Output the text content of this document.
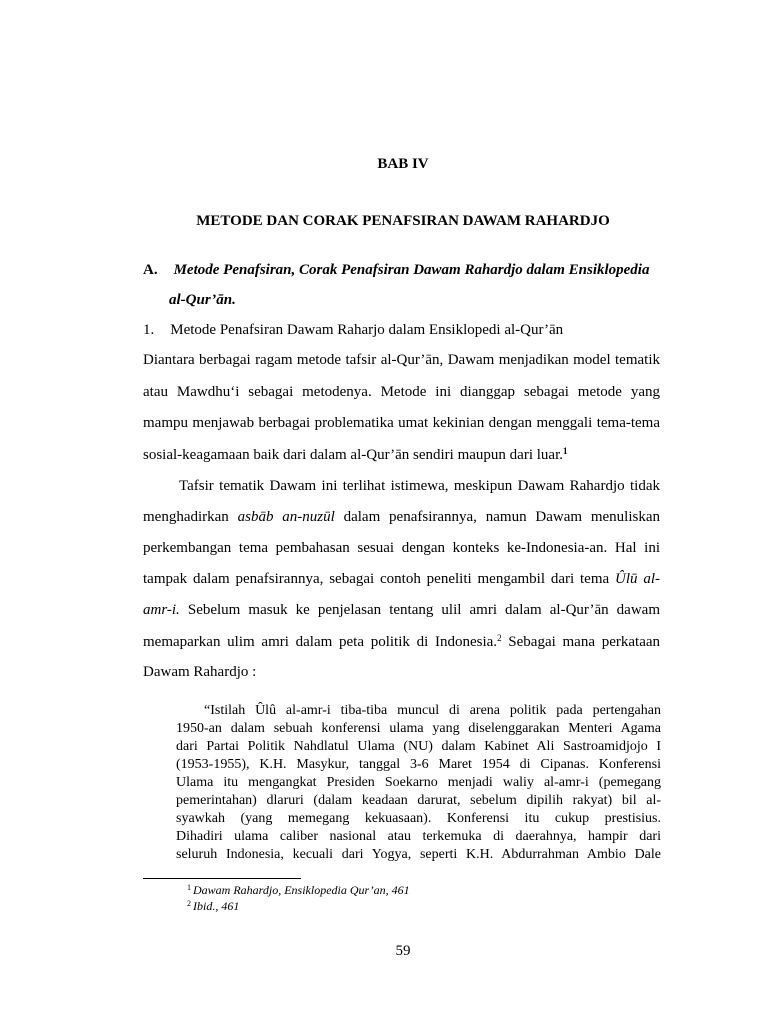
BAB IV
METODE DAN CORAK PENAFSIRAN DAWAM RAHARDJO
A. Metode Penafsiran, Corak Penafsiran Dawam Rahardjo dalam Ensiklopedia
al-Qur’ān.
1. Metode Penafsiran Dawam Raharjo dalam Ensiklopedi al-Qur’ān
Diantara berbagai ragam metode tafsir al-Qur’ān, Dawam menjadikan model tematik
atau Mawdhu‘i sebagai metodenya. Metode ini dianggap sebagai metode yang
mampu menjawab berbagai problematika umat kekinian dengan menggali tema-tema
sosial-keagamaan baik dari dalam al-Qur’ān sendiri maupun dari luar.$^1$
Tafsir tematik Dawam ini terlihat istimewa, meskipun Dawam Rahardjo tidak
menghadirkan asbāb an-nuzūl dalam penafsirannya, namun Dawam menuliskan
perkembangan tema pembahasan sesuai dengan konteks ke-Indonesia-an. Hal ini
tampak dalam penafsirannya, sebagai contoh peneliti mengambil dari tema Ûlū al-
amr-i. Sebelum masuk ke penjelasan tentang ulil amri dalam al-Qur’ān dawam
memaparkan ulim amri dalam peta politik di Indonesia.$^2$ Sebagai mana perkataan
Dawam Rahardjo :
“Istilah Ûlû al-amr-i tiba-tiba muncul di arena politik pada pertengahan
1950-an dalam sebuah konferensi ulama yang diselenggarakan Menteri Agama
dari Partai Politik Nahdlatul Ulama (NU) dalam Kabinet Ali Sastroamidjojo I
(1953-1955), K.H. Masykur, tanggal 3-6 Maret 1954 di Cipanas. Konferensi
Ulama itu mengangkat Presiden Soekarno menjadi waliy al-amr-i (pemegang
pemerintahan) dlaruri (dalam keadaan darurat, sebelum dipilih rakyat) bil al-
syawkah (yang memegang kekuasaan). Konferensi itu cukup prestisius.
Dihadiri ulama caliber nasional atau terkemuka di daerahnya, hampir dari
seluruh Indonesia, kecuali dari Yogya, seperti K.H. Abdurrahman Ambio Dale
$^1$ Dawam Rahardjo, Ensiklopedia Qur’an, 461
$^2$ Ibid., 461
59
